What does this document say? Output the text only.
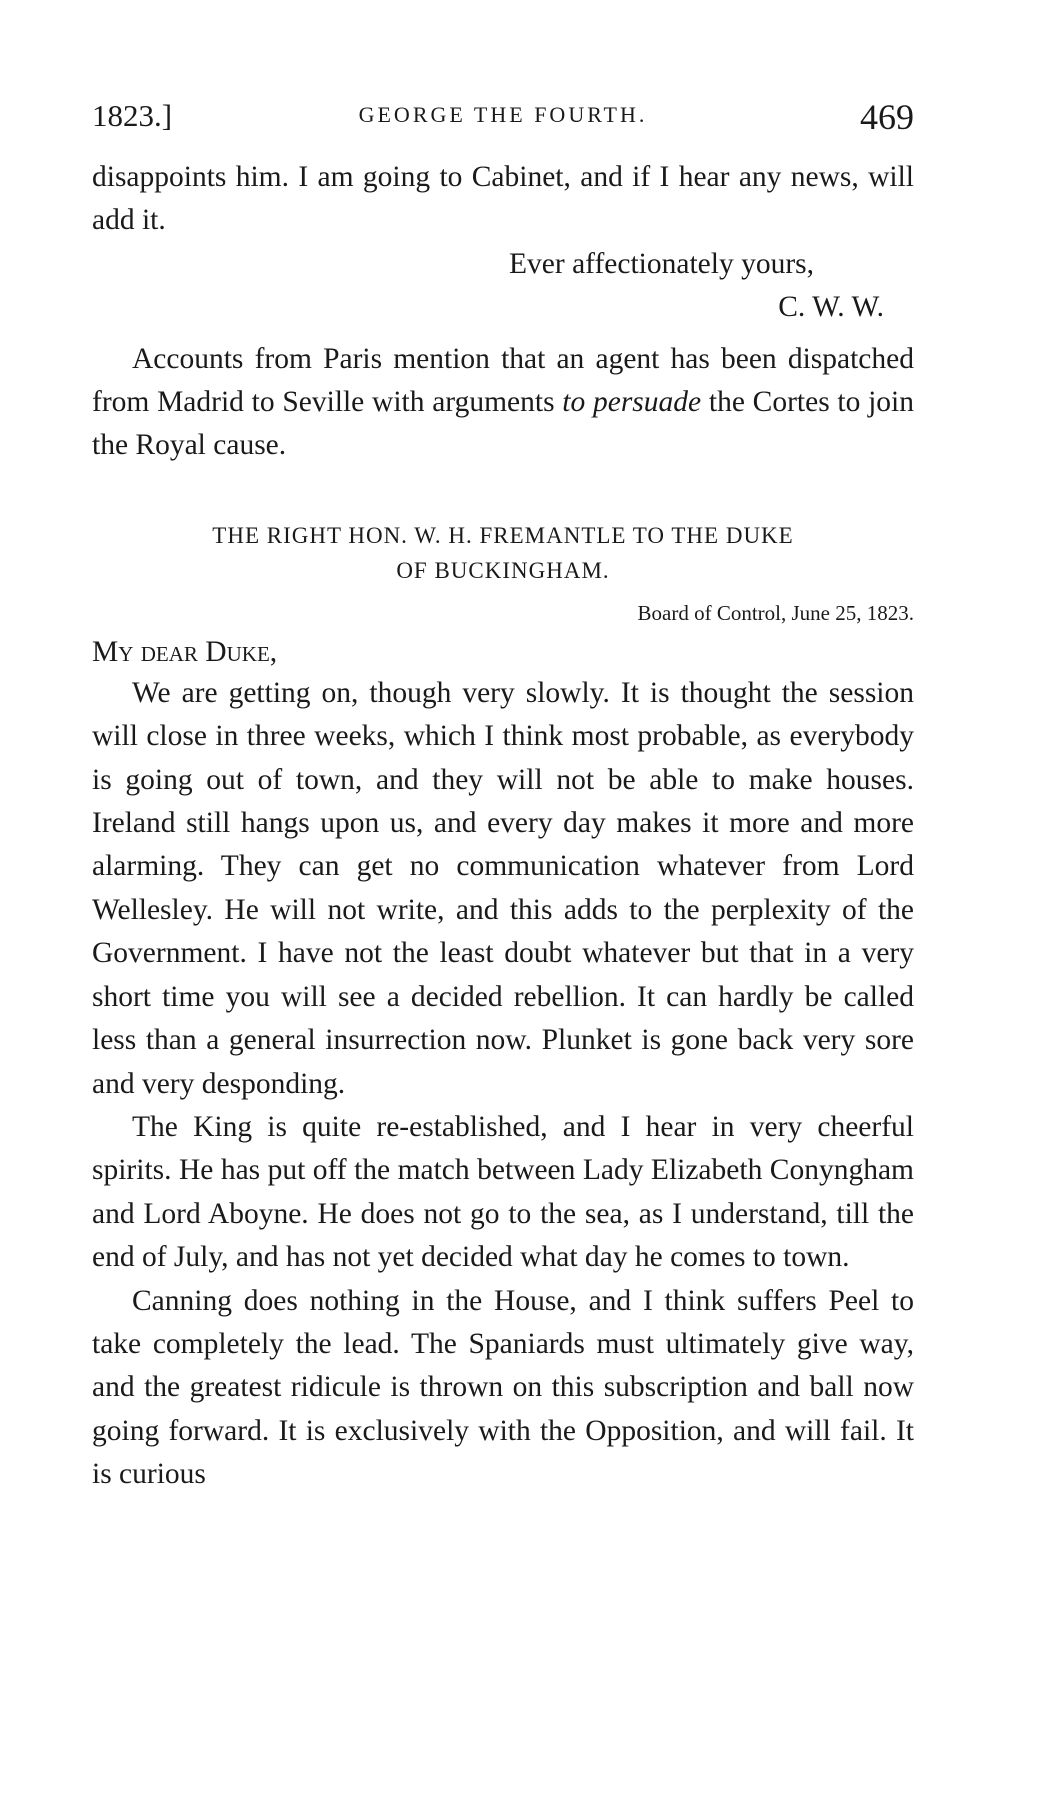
1823.]	GEORGE THE FOURTH.	469

disappoints him. I am going to Cabinet, and if I hear any news, will add it.

Ever affectionately yours,

C. W. W.

Accounts from Paris mention that an agent has been dispatched from Madrid to Seville with arguments to persuade the Cortes to join the Royal cause.

THE RIGHT HON. W. H. FREMANTLE TO THE DUKE
OF BUCKINGHAM.

Board of Control, June 25, 1823.

My dear Duke,

We are getting on, though very slowly. It is thought the session will close in three weeks, which I think most probable, as everybody is going out of town, and they will not be able to make houses. Ireland still hangs upon us, and every day makes it more and more alarming. They can get no communication whatever from Lord Wellesley. He will not write, and this adds to the perplexity of the Government. I have not the least doubt whatever but that in a very short time you will see a decided rebellion. It can hardly be called less than a general insurrection now. Plunket is gone back very sore and very desponding.

The King is quite re-established, and I hear in very cheerful spirits. He has put off the match between Lady Elizabeth Conyngham and Lord Aboyne. He does not go to the sea, as I understand, till the end of July, and has not yet decided what day he comes to town.

Canning does nothing in the House, and I think suffers Peel to take completely the lead. The Spaniards must ultimately give way, and the greatest ridicule is thrown on this subscription and ball now going forward. It is exclusively with the Opposition, and will fail. It is curious
